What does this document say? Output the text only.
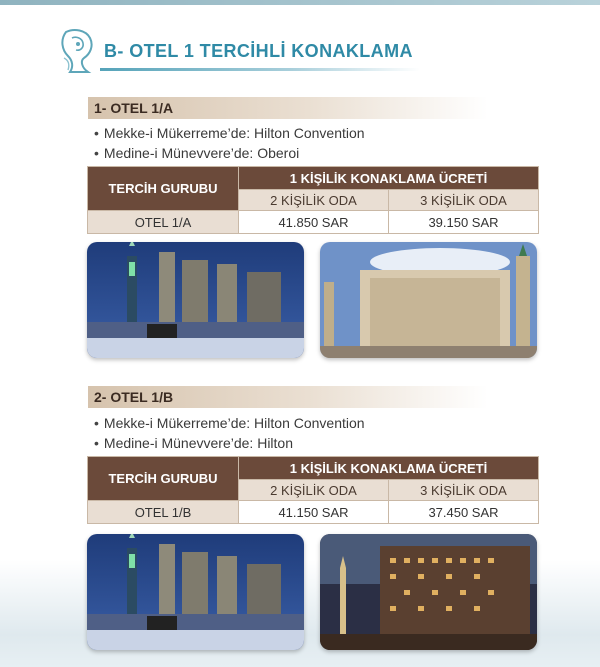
B- OTEL 1 TERCİHLİ KONAKLAMA
1- OTEL 1/A
• Mekke-i Mükerreme’de: Hilton Convention
• Medine-i Münevvere’de: Oberoi
TERCİH GURUBU	1 KİŞİLİK KONAKLAMA ÜCRETİ	
	2 KİŞİLİK ODA	3 KİŞİLİK ODA
OTEL 1/A	41.850 SAR	39.150 SAR
2- OTEL 1/B
• Mekke-i Mükerreme’de: Hilton Convention
• Medine-i Münevvere’de: Hilton
TERCİH GURUBU	1 KİŞİLİK KONAKLAMA ÜCRETİ	
	2 KİŞİLİK ODA	3 KİŞİLİK ODA
OTEL 1/B	41.150 SAR	37.450 SAR
